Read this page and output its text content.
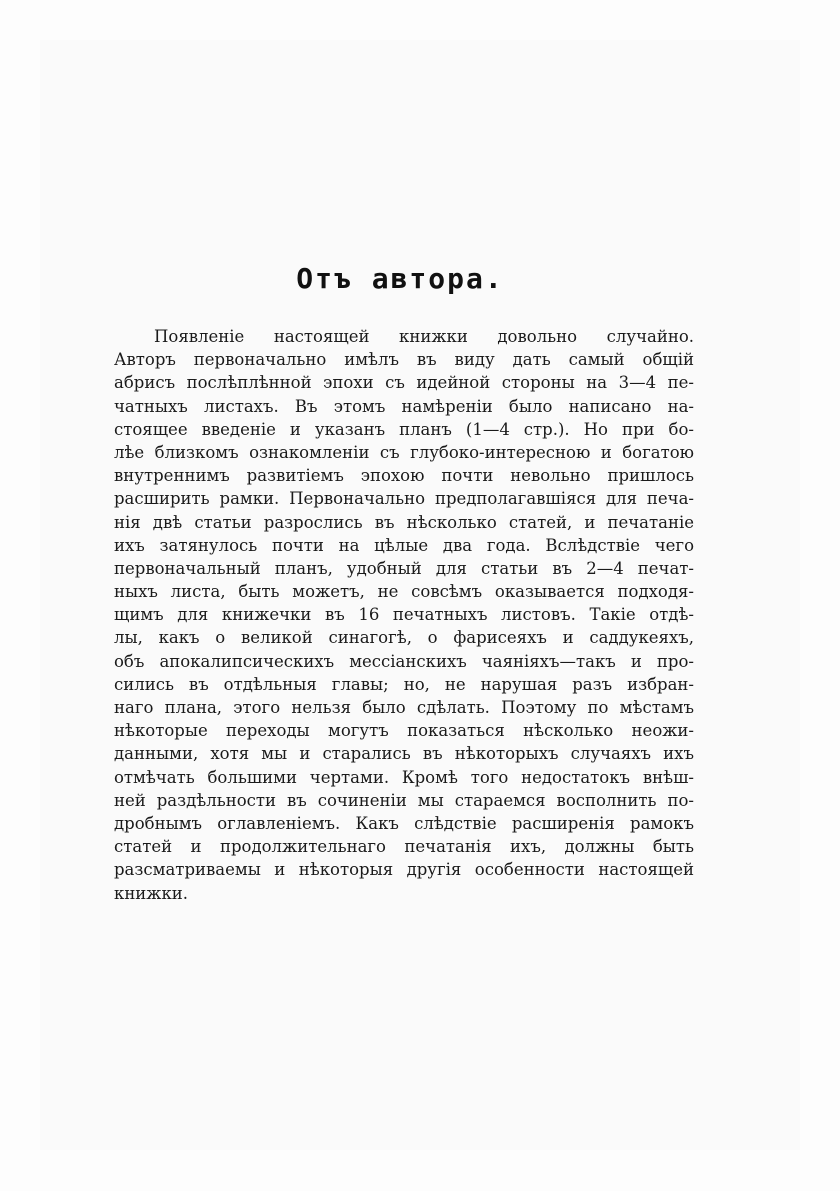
Отъ автора.
Появленіе настоящей книжки довольно случайно.
Авторъ первоначально имѣлъ въ виду дать самый общій
абрисъ послѣплѣнной эпохи съ идейной стороны на 3—4 пе-
чатныхъ листахъ. Въ этомъ намѣреніи было написано на-
стоящее введеніе и указанъ планъ (1—4 стр.). Но при бо-
лѣе близкомъ ознакомленіи съ глубоко-интересною и богатою
внутреннимъ развитіемъ эпохою почти невольно пришлось
расширить рамки. Первоначально предполагавшіяся для печа-
нія двѣ статьи разрослись въ нѣсколько статей, и печатаніе
ихъ затянулось почти на цѣлые два года. Вслѣдствіе чего
первоначальный планъ, удобный для статьи въ 2—4 печат-
ныхъ листа, быть можетъ, не совсѣмъ оказывается подходя-
щимъ для книжечки въ 16 печатныхъ листовъ. Такіе отдѣ-
лы, какъ о великой синагогѣ, о фарисеяхъ и саддукеяхъ,
объ апокалипсическихъ мессіанскихъ чаяніяхъ—такъ и про-
сились въ отдѣльныя главы; но, не нарушая разъ избран-
наго плана, этого нельзя было сдѣлать. Поэтому по мѣстамъ
нѣкоторые переходы могутъ показаться нѣсколько неожи-
данными, хотя мы и старались въ нѣкоторыхъ случаяхъ ихъ
отмѣчать большими чертами. Кромѣ того недостатокъ внѣш-
ней раздѣльности въ сочиненіи мы стараемся восполнить по-
дробнымъ оглавленіемъ. Какъ слѣдствіе расширенія рамокъ
статей и продолжительнаго печатанія ихъ, должны быть
разсматриваемы и нѣкоторыя другія особенности настоящей
книжки.
